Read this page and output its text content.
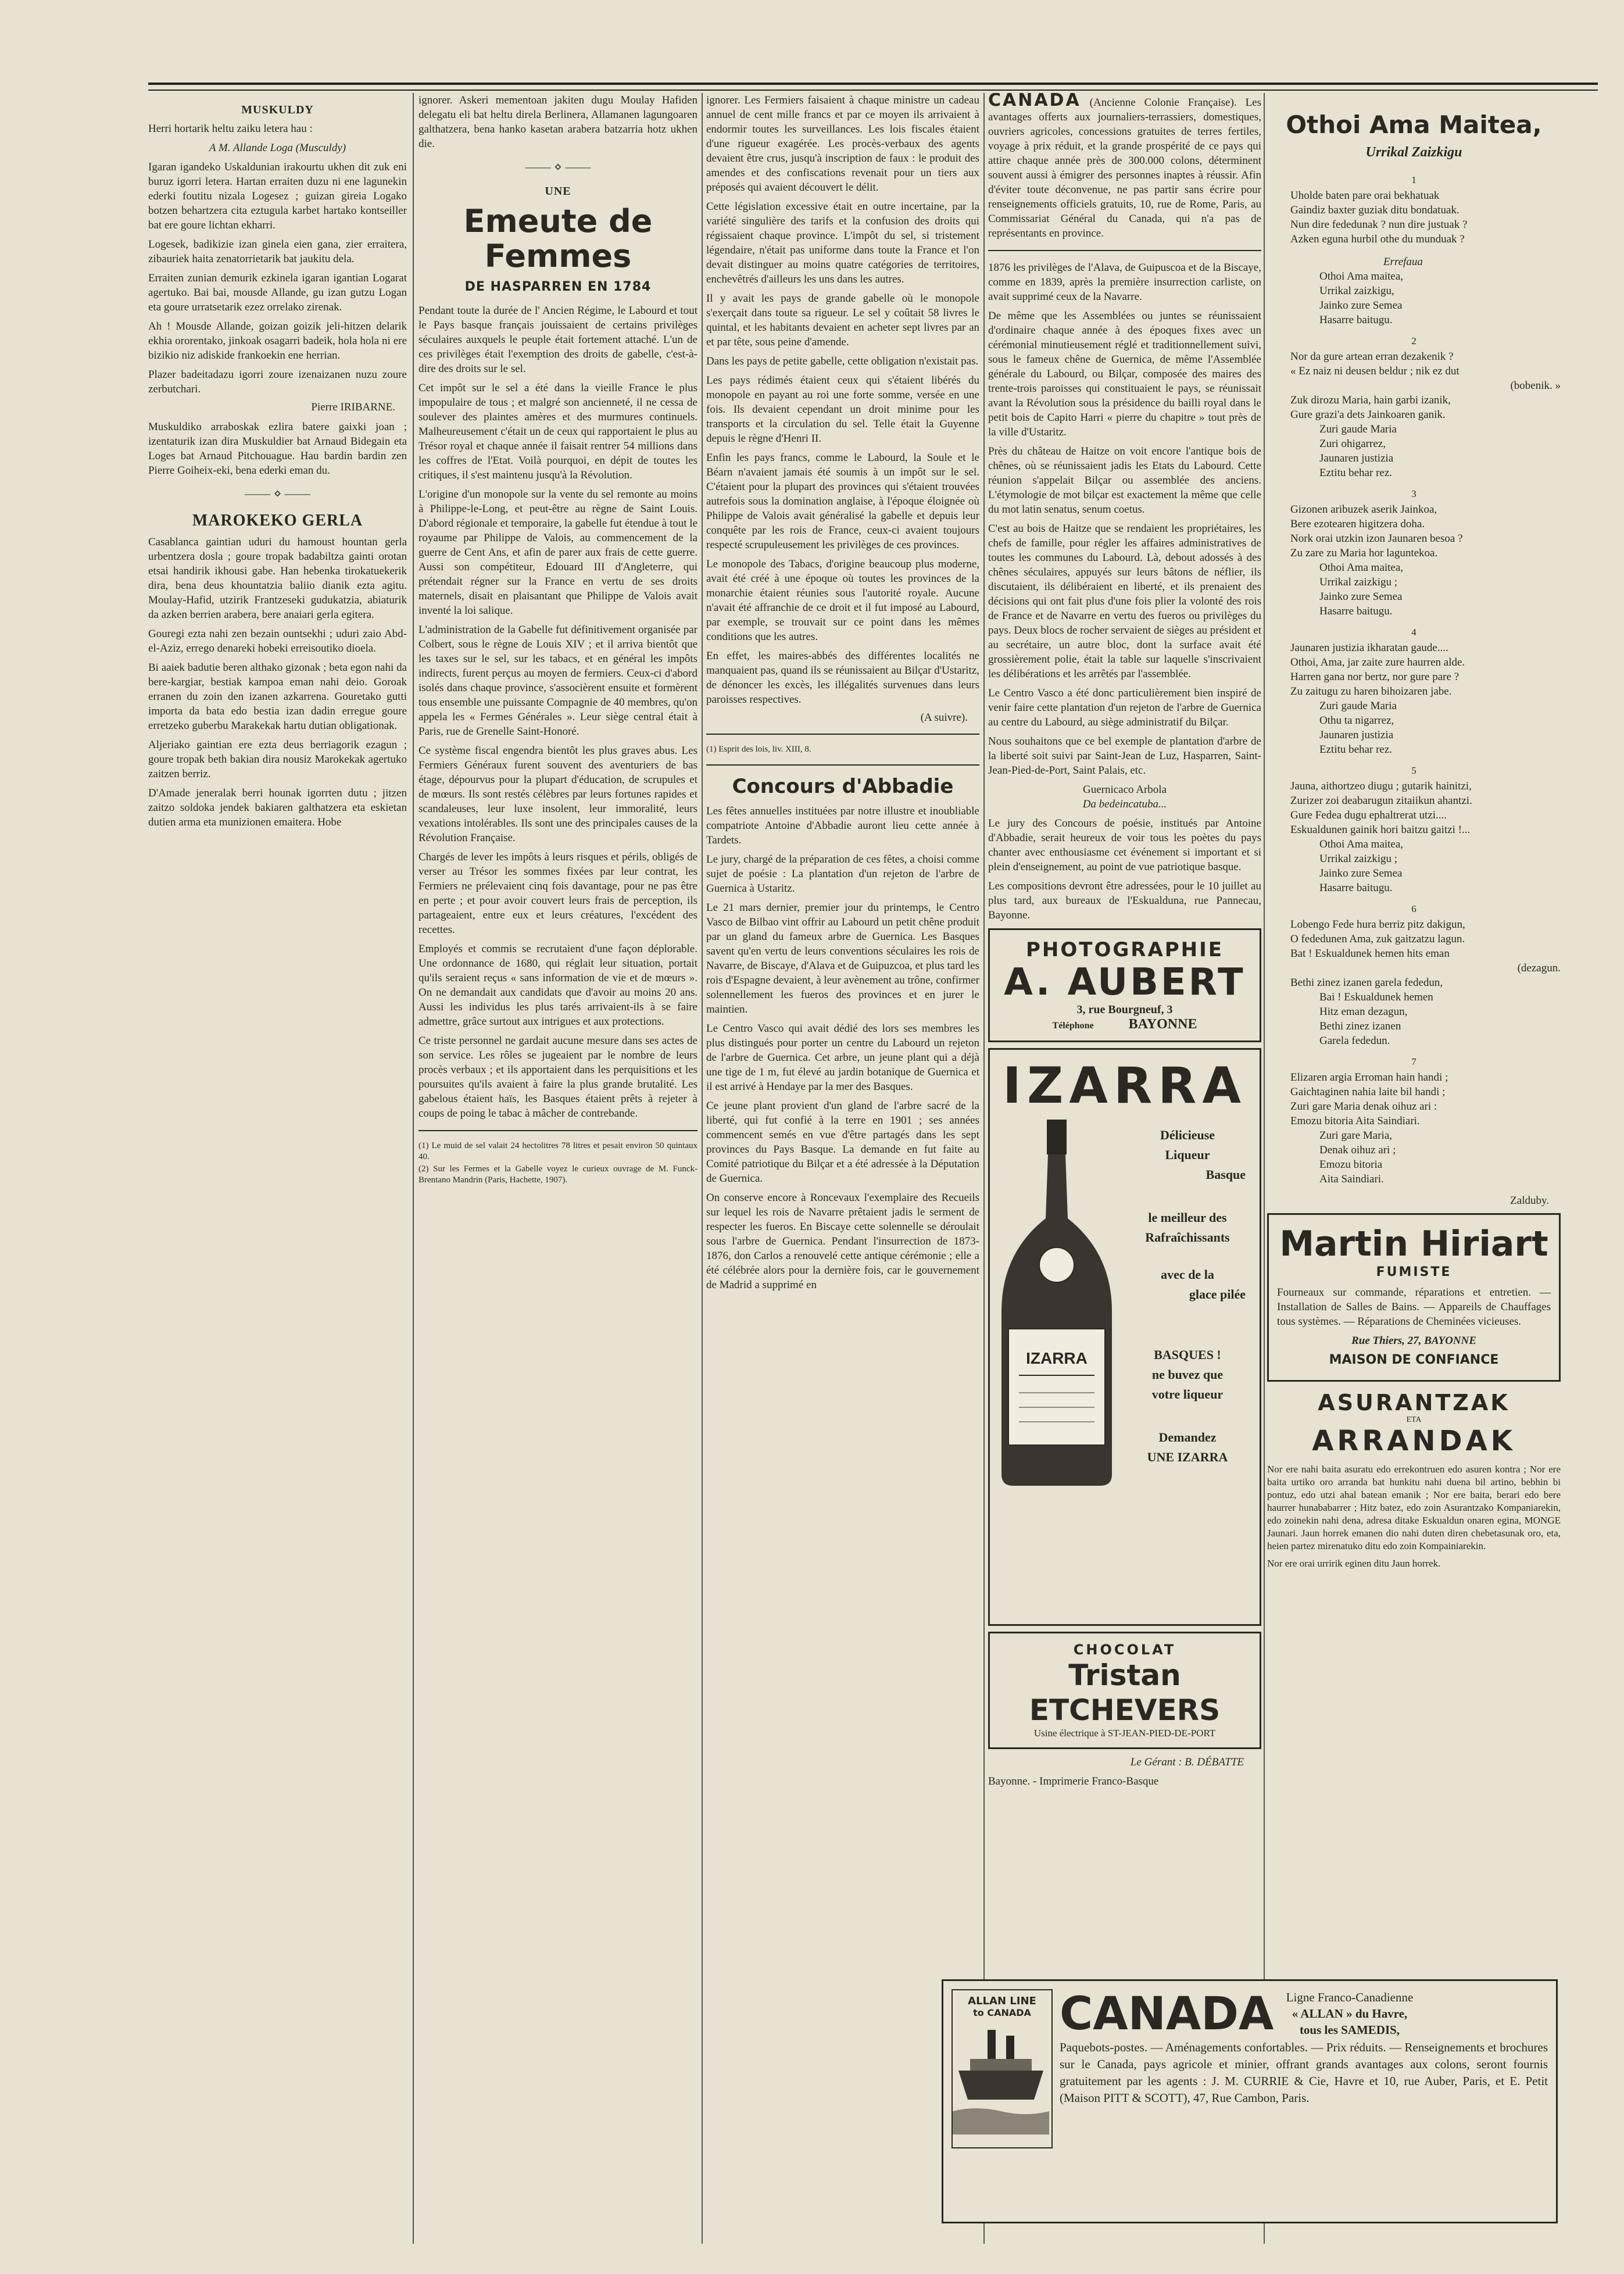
MUSKULDY

Herri hortarik heltu zaiku letera hau :

A M. Allande Loga (Musculdy)

Igaran igandeko Uskaldunian irakourtu ukhen dit zuk eni buruz igorri letera. Hartan erraiten duzu ni ene lagunekin ederki foutitu nizala Logesez ; guizan gireia Logako botzen behartzera cita eztugula karbet hartako kontseiller bat ere goure lichtan ekharri.

Logesek, badikizie izan ginela eien gana, zier erraitera, zibauriek haita zenatorrietarik bat jaukitu dela.

Erraiten zunian demurik ezkinela igaran igantian Logarat agertuko. Bai bai, mousde Allande, gu izan gutzu Logan eta goure urratsetarik ezez orrelako zirenak.

Ah ! Mousde Allande, goizan goizik jeli-hitzen delarik ekhia ororentako, jinkoak osagarri badeik, hola hola ni ere bizikio niz adiskide frankoekin ene herrian.

Plazer badeitadazu igorri zoure izenaizanen nuzu zoure zerbutchari.

Pierre IRIBARNE.

Muskuldiko arraboskak ezlira batere gaixki joan ; izentaturik izan dira Muskuldier bat Arnaud Bidegain eta Loges bat Arnaud Pitchouague. Hau bardin bardin zen Pierre Goiheix-eki, bena ederki eman du.

—— ⋄ ——
MAROKEKO GERLA

Casablanca gaintian uduri du hamoust hountan gerla urbentzera dosla ; goure tropak badabiltza gainti orotan etsai handirik ikhousi gabe. Han hebenka tirokatuekerik dira, bena deus khountatzia baliio dianik ezta agitu. Moulay-Hafid, utzirik Frantzeseki gudukatzia, abiaturik da azken berrien arabera, bere anaiari gerla egitera.

Gouregi ezta nahi zen bezain ountsekhi ; uduri zaio Abd-el-Aziz, errego denareki hobeki erreisoutiko dioela.

Bi aaiek badutie beren althako gizonak ; beta egon nahi da bere-kargiar, bestiak kampoa eman nahi deio. Goroak erranen du zoin den izanen azkarrena. Gouretako gutti importa da bata edo bestia izan dadin erregue goure erretzeko guberbu Marakekak hartu dutian obligationak.

Aljeriako gaintian ere ezta deus berriagorik ezagun ; goure tropak beth bakian dira nousiz Marokekak agertuko zaitzen berriz.

D'Amade jeneralak berri hounak igorrten dutu ; jitzen zaitzo soldoka jendek bakiaren galthatzera eta eskietan dutien arma eta munizionen emaitera. Hobe

ignorer. Askeri mementoan jakiten dugu Moulay Hafiden delegatu eli bat heltu direla Berlinera, Allamanen lagungoaren galthatzera, bena hanko kasetan arabera batzarria hotz ukhen die.

—— ⋄ ——
UNE
Emeute de Femmes
DE HASPARREN EN 1784

Pendant toute la durée de l' Ancien Régime, le Labourd et tout le Pays basque français jouissaient de certains privilèges séculaires auxquels le peuple était fortement attaché. L'un de ces privilèges était l'exemption des droits de gabelle, c'est-à-dire des droits sur le sel.

Cet impôt sur le sel a été dans la vieille France le plus impopulaire de tous ; et malgré son ancienneté, il ne cessa de soulever des plaintes amères et des murmures continuels. Malheureusement c'était un de ceux qui rapportaient le plus au Trésor royal et chaque année il faisait rentrer 54 millions dans les coffres de l'Etat. Voilà pourquoi, en dépit de toutes les critiques, il s'est maintenu jusqu'à la Révolution.

L'origine d'un monopole sur la vente du sel remonte au moins à Philippe-le-Long, et peut-être au règne de Saint Louis. D'abord régionale et temporaire, la gabelle fut étendue à tout le royaume par Philippe de Valois, au commencement de la guerre de Cent Ans, et afin de parer aux frais de cette guerre. Aussi son compétiteur, Edouard III d'Angleterre, qui prétendait régner sur la France en vertu de ses droits maternels, disait en plaisantant que Philippe de Valois avait inventé la loi salique.

L'administration de la Gabelle fut définitivement organisée par Colbert, sous le règne de Louis XIV ; et il arriva bientôt que les taxes sur le sel, sur les tabacs, et en général les impôts indirects, furent perçus au moyen de fermiers. Ceux-ci d'abord isolés dans chaque province, s'associèrent ensuite et formèrent tous ensemble une puissante Compagnie de 40 membres, qu'on appela les « Fermes Générales ». Leur siège central était à Paris, rue de Grenelle Saint-Honoré.

Ce système fiscal engendra bientôt les plus graves abus. Les Fermiers Généraux furent souvent des aventuriers de bas étage, dépourvus pour la plupart d'éducation, de scrupules et de mœurs. Ils sont restés célèbres par leurs fortunes rapides et scandaleuses, leur luxe insolent, leur immoralité, leurs vexations intolérables. Ils sont une des principales causes de la Révolution Française.

Chargés de lever les impôts à leurs risques et périls, obligés de verser au Trésor les sommes fixées par leur contrat, les Fermiers ne prélevaient cinq fois davantage, pour ne pas être en perte ; et pour avoir couvert leurs frais de perception, ils partageaient, entre eux et leurs créatures, l'excédent des recettes.

Employés et commis se recrutaient d'une façon déplorable. Une ordonnance de 1680, qui réglait leur situation, portait qu'ils seraient reçus « sans information de vie et de mœurs ». On ne demandait aux candidats que d'avoir au moins 20 ans. Aussi les individus les plus tarés arrivaient-ils à se faire admettre, grâce surtout aux intrigues et aux protections.

Ce triste personnel ne gardait aucune mesure dans ses actes de son service. Les rôles se jugeaient par le nombre de leurs procès verbaux ; et ils apportaient dans les perquisitions et les poursuites qu'ils avaient à faire la plus grande brutalité. Les gabelous étaient haïs, les Basques étaient prêts à rejeter à coups de poing le tabac à mâcher de contrebande.

(1) Le muid de sel valait 24 hectolitres 78 litres et pesait environ 50 quintaux 40.

(2) Sur les Fermes et la Gabelle voyez le curieux ouvrage de M. Funck-Brentano Mandrin (Paris, Hachette, 1907).

ignorer. Les Fermiers faisaient à chaque ministre un cadeau annuel de cent mille francs et par ce moyen ils arrivaient à endormir toutes les surveillances. Les lois fiscales étaient d'une rigueur exagérée. Les procès-verbaux des agents devaient être crus, jusqu'à inscription de faux : le produit des amendes et des confiscations revenait pour un tiers aux préposés qui avaient découvert le délit.

Cette législation excessive était en outre incertaine, par la variété singulière des tarifs et la confusion des droits qui régissaient chaque province. L'impôt du sel, si tristement légendaire, n'était pas uniforme dans toute la France et l'on devait distinguer au moins quatre catégories de territoires, enchevêtrés d'ailleurs les uns dans les autres.

Il y avait les pays de grande gabelle où le monopole s'exerçait dans toute sa rigueur. Le sel y coûtait 58 livres le quintal, et les habitants devaient en acheter sept livres par an et par tête, sous peine d'amende.

Dans les pays de petite gabelle, cette obligation n'existait pas.

Les pays rédimés étaient ceux qui s'étaient libérés du monopole en payant au roi une forte somme, versée en une fois. Ils devaient cependant un droit minime pour les transports et la circulation du sel. Telle était la Guyenne depuis le règne d'Henri II.

Enfin les pays francs, comme le Labourd, la Soule et le Béarn n'avaient jamais été soumis à un impôt sur le sel. C'étaient pour la plupart des provinces qui s'étaient trouvées autrefois sous la domination anglaise, à l'époque éloignée où Philippe de Valois avait généralisé la gabelle et depuis leur conquête par les rois de France, ceux-ci avaient toujours respecté scrupuleusement les privilèges de ces provinces.

Le monopole des Tabacs, d'origine beaucoup plus moderne, avait été créé à une époque où toutes les provinces de la monarchie étaient réunies sous l'autorité royale. Aucune n'avait été affranchie de ce droit et il fut imposé au Labourd, par exemple, se trouvait sur ce point dans les mêmes conditions que les autres.

En effet, les maires-abbés des différentes localités ne manquaient pas, quand ils se réunissaient au Bilçar d'Ustaritz, de dénoncer les excès, les illégalités survenues dans leurs paroisses respectives.

(A suivre).

(1) Esprit des lois, liv. XIII, 8.

Concours d'Abbadie

Les fêtes annuelles instituées par notre illustre et inoubliable compatriote Antoine d'Abbadie auront lieu cette année à Tardets.

Le jury, chargé de la préparation de ces fêtes, a choisi comme sujet de poésie : La plantation d'un rejeton de l'arbre de Guernica à Ustaritz.

Le 21 mars dernier, premier jour du printemps, le Centro Vasco de Bilbao vint offrir au Labourd un petit chêne produit par un gland du fameux arbre de Guernica. Les Basques savent qu'en vertu de leurs conventions séculaires les rois de Navarre, de Biscaye, d'Alava et de Guipuzcoa, et plus tard les rois d'Espagne devaient, à leur avènement au trône, confirmer solennellement les fueros des provinces et en jurer le maintien.

Le Centro Vasco qui avait dédié des lors ses membres les plus distingués pour porter un centre du Labourd un rejeton de l'arbre de Guernica. Cet arbre, un jeune plant qui a déjà une tige de 1 m, fut élevé au jardin botanique de Guernica et il est arrivé à Hendaye par la mer des Basques.

Ce jeune plant provient d'un gland de l'arbre sacré de la liberté, qui fut confié à la terre en 1901 ; ses années commencent semés en vue d'être partagés dans les sept provinces du Pays Basque. La demande en fut faite au Comité patriotique du Bilçar et a été adressée à la Députation de Guernica.

On conserve encore à Roncevaux l'exemplaire des Recueils sur lequel les rois de Navarre prêtaient jadis le serment de respecter les fueros. En Biscaye cette solennelle se déroulait sous l'arbre de Guernica. Pendant l'insurrection de 1873-1876, don Carlos a renouvelé cette antique cérémonie ; elle a été célébrée alors pour la dernière fois, car le gouvernement de Madrid a supprimé en

CANADA (Ancienne Colonie Française). Les avantages offerts aux journaliers-terrassiers, domestiques, ouvriers agricoles, concessions gratuites de terres fertiles, voyage à prix réduit, et la grande prospérité de ce pays qui attire chaque année près de 300.000 colons, déterminent souvent aussi à émigrer des personnes inaptes à réussir. Afin d'éviter toute déconvenue, ne pas partir sans écrire pour renseignements officiels gratuits, 10, rue de Rome, Paris, au Commissariat Général du Canada, qui n'a pas de représentants en province.

1876 les privilèges de l'Alava, de Guipuscoa et de la Biscaye, comme en 1839, après la première insurrection carliste, on avait supprimé ceux de la Navarre.

De même que les Assemblées ou juntes se réunissaient d'ordinaire chaque année à des époques fixes avec un cérémonial minutieusement réglé et traditionnellement suivi, sous le fameux chêne de Guernica, de même l'Assemblée générale du Labourd, ou Bilçar, composée des maires des trente-trois paroisses qui constituaient le pays, se réunissait avant la Révolution sous la présidence du bailli royal dans le petit bois de Capito Harri « pierre du chapitre » tout près de la ville d'Ustaritz.

Près du château de Haitze on voit encore l'antique bois de chênes, où se réunissaient jadis les Etats du Labourd. Cette réunion s'appelait Bilçar ou assemblée des anciens. L'étymologie de mot bilçar est exactement la même que celle du mot latin senatus, senum coetus.

C'est au bois de Haitze que se rendaient les propriétaires, les chefs de famille, pour régler les affaires administratives de toutes les communes du Labourd. Là, debout adossés à des chênes séculaires, appuyés sur leurs bâtons de néflier, ils discutaient, ils délibéraient en liberté, et ils prenaient des décisions qui ont fait plus d'une fois plier la volonté des rois de France et de Navarre en vertu des fueros ou privilèges du pays. Deux blocs de rocher servaient de sièges au président et au secrétaire, un autre bloc, dont la surface avait été grossièrement polie, était la table sur laquelle s'inscrivaient les délibérations et les arrêtés par l'assemblée.

Le Centro Vasco a été donc particulièrement bien inspiré de venir faire cette plantation d'un rejeton de l'arbre de Guernica au centre du Labourd, au siège administratif du Bilçar.

Nous souhaitons que ce bel exemple de plantation d'arbre de la liberté soit suivi par Saint-Jean de Luz, Hasparren, Saint-Jean-Pied-de-Port, Saint Palais, etc.

Guernicaco Arbola

Da bedeincatuba...

Le jury des Concours de poésie, institués par Antoine d'Abbadie, serait heureux de voir tous les poètes du pays chanter avec enthousiasme cet événement si important et si plein d'enseignement, au point de vue patriotique basque.

Les compositions devront être adressées, pour le 10 juillet au plus tard, aux bureaux de l'Eskualduna, rue Pannecau, Bayonne.

PHOTOGRAPHIE
A. AUBERT
3, rue Bourgneuf, 3
Téléphone	BAYONNE
IZARRA
IZARRA
Délicieuse
Liqueur
Basque
le meilleur des
Rafraîchissants
avec de la
glace pilée
BASQUES !
ne buvez que
votre liqueur
Demandez
UNE IZARRA
CHOCOLAT
Tristan ETCHEVERS
Usine électrique à ST-JEAN-PIED-DE-PORT

Le Gérant : B. DÉBATTE

Bayonne. - Imprimerie Franco-Basque

Othoi Ama Maitea,
Urrikal Zaizkigu
1

Uholde baten pare orai bekhatuak

Gaindiz baxter guziak ditu bondatuak.

Nun dire fededunak ? nun dire justuak ?

Azken eguna hurbil othe du munduak ?

Errefaua

Othoi Ama maitea,

Urrikal zaizkigu,

Jainko zure Semea

Hasarre baitugu.

2

Nor da gure artean erran dezakenik ?

« Ez naiz ni deusen beldur ; nik ez dut

(bobenik. »

Zuk dirozu Maria, hain garbi izanik,

Gure grazi'a dets Jainkoaren ganik.

Zuri gaude Maria

Zuri ohigarrez,

Jaunaren justizia

Eztitu behar rez.

3

Gizonen aribuzek aserik Jainkoa,

Bere ezotearen higitzera doha.

Nork orai utzkin izon Jaunaren besoa ?

Zu zare zu Maria hor laguntekoa.

Othoi Ama maitea,

Urrikal zaizkigu ;

Jainko zure Semea

Hasarre baitugu.

4

Jaunaren justizia ikharatan gaude....

Othoi, Ama, jar zaite zure haurren alde.

Harren gana nor bertz, nor gure pare ?

Zu zaitugu zu haren bihoizaren jabe.

Zuri gaude Maria

Othu ta nigarrez,

Jaunaren justizia

Eztitu behar rez.

5

Jauna, aithortzeo diugu ; gutarik hainitzi,

Zurizer zoi deabarugun zitaiikun ahantzi.

Gure Fedea dugu ephaltrerat utzi....

Eskualdunen gainik hori baitzu gaitzi !...

Othoi Ama maitea,

Urrikal zaizkigu ;

Jainko zure Semea

Hasarre baitugu.

6

Lobengo Fede hura berriz pitz dakigun,

O fededunen Ama, zuk gaitzatzu lagun.

Bat ! Eskualdunek hemen hits eman

(dezagun.

Bethi zinez izanen garela fededun,

Bai ! Eskualdunek hemen

Hitz eman dezagun,

Bethi zinez izanen

Garela fededun.

7

Elizaren argia Erroman hain handi ;

Gaichtaginen nahia laite bil handi ;

Zuri gare Maria denak oihuz ari :

Emozu bitoria Aita Saindiari.

Zuri gare Maria,

Denak oihuz ari ;

Emozu bitoria

Aita Saindiari.

Zalduby.
Martin Hiriart
FUMISTE

Fourneaux sur commande, réparations et entretien. — Installation de Salles de Bains. — Appareils de Chauffages tous systèmes. — Réparations de Cheminées vicieuses.

Rue Thiers, 27, BAYONNE

MAISON DE CONFIANCE

ASURANTZAK
ETA
ARRANDAK

Nor ere nahi baita asuratu edo errekontruen edo asuren kontra ; Nor ere baita urtiko oro arranda bat hunkitu nahi duena bil artino, bebhin bi pontuz, edo utzi ahal batean emanik ; Nor ere baita, berari edo bere haurrer hunababarrer ; Hitz batez, edo zoin Asurantzako Kompaniarekin, edo zoinekin nahi dena, adresa ditake Eskualdun onaren egina, MONGE Jaunari. Jaun horrek emanen dio nahi duten diren chebetasunak oro, eta, heien partez mirenatuko ditu edo zoin Kompainiarekin.

Nor ere orai urririk eginen ditu Jaun horrek.

ALLAN LINE
to CANADA CANADA	Ligne Franco-Canadienne
« ALLAN » du Havre,
tous les SAMEDIS,

Paquebots-postes. — Aménagements confortables. — Prix réduits. — Renseignements et brochures sur le Canada, pays agricole et minier, offrant grands avantages aux colons, seront fournis gratuitement par les agents : J. M. CURRIE & Cie, Havre et 10, rue Auber, Paris, et E. Petit (Maison PITT & SCOTT), 47, Rue Cambon, Paris.
